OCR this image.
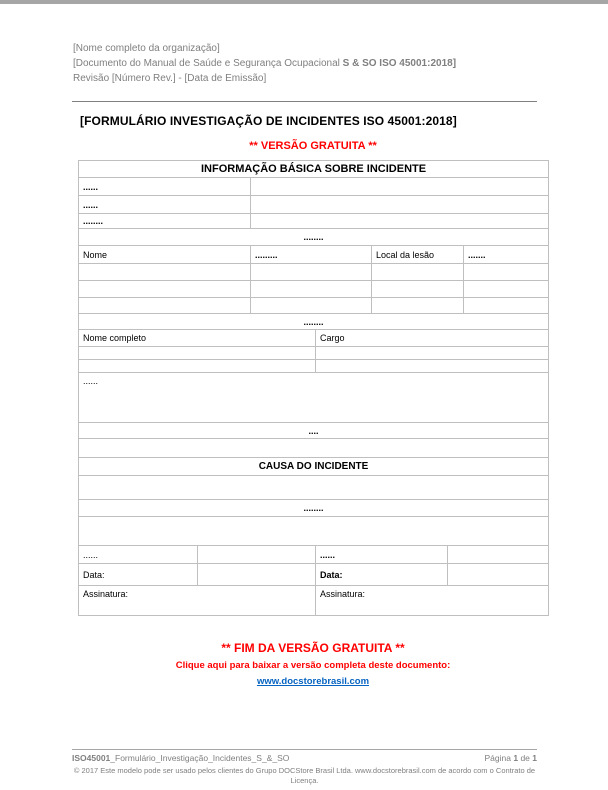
[Nome completo da organização]
[Documento do Manual de Saúde e Segurança Ocupacional S & SO ISO 45001:2018]
Revisão [Número Rev.] - [Data de Emissão]
[FORMULÁRIO INVESTIGAÇÃO DE INCIDENTES ISO 45001:2018]
** VERSÃO GRATUITA **
INFORMAÇÃO BÁSICA SOBRE INCIDENTE						
......						
......						
........						
........						
Nome		.........		Local da lesão		.......

........						
Nome completo			Cargo			

......						
....						

CAUSA DO INCIDENTE						

........						

......			......			
Data:			Data:			
Assinatura:			Assinatura:			
** FIM DA VERSÃO GRATUITA **
Clique aqui para baixar a versão completa deste documento:
www.docstorebrasil.com
ISO45001_Formulário_Investigação_Incidentes_S_&_SO	Página 1 de 1
© 2017 Este modelo pode ser usado pelos clientes do Grupo DOCStore Brasil Ltda. www.docstorebrasil.com de acordo com o Contrato de Licença.
